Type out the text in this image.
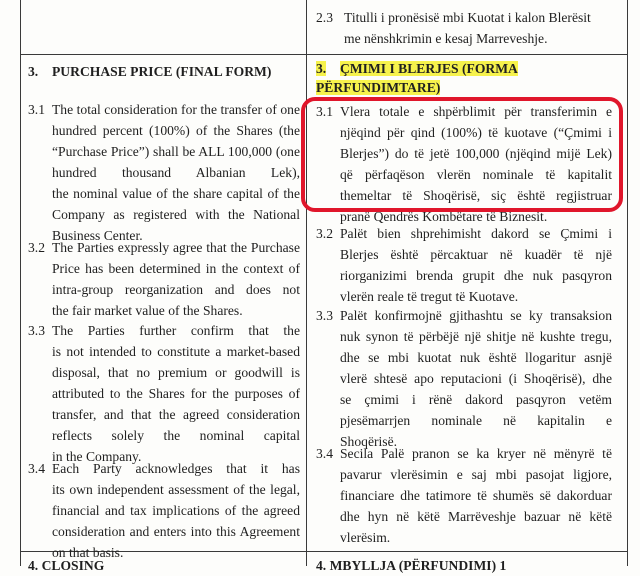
2.3 Titulli i pronësisë mbi Kuotat i kalon Blerësit
me nënshkrimin e kesaj Marreveshje.
3. PURCHASE PRICE (FINAL FORM)
3.1 The total consideration for the transfer of one
hundred percent (100%) of the Shares (the
“Purchase Price”) shall be ALL 100,000 (one
hundred thousand Albanian Lek),
the nominal value of the share capital of the
Company as registered with the National
Business Center.
3.2 The Parties expressly agree that the Purchase
Price has been determined in the context of
intra-group reorganization and does not
the fair market value of the Shares.
3.3 The Parties further confirm that the
is not intended to constitute a market-based
disposal, that no premium or goodwill is
attributed to the Shares for the purposes of
transfer, and that the agreed consideration
reflects solely the nominal capital
in the Company.
3.4 Each Party acknowledges that it has
its own independent assessment of the legal,
financial and tax implications of the agreed
consideration and enters into this Agreement
on that basis.
4. CLOSING
3. ÇMIMI I BLERJES (FORMA
PËRFUNDIMTARE)
3.1 Vlera totale e shpërblimit për transferimin e
njëqind për qind (100%) të kuotave (“Çmimi i
Blerjes”) do të jetë 100,000 (njëqind mijë Lek)
që përfaqëson vlerën nominale të kapitalit
themeltar të Shoqërisë, siç është regjistruar
pranë Qendrës Kombëtare të Biznesit.
3.2 Palët bien shprehimisht dakord se Çmimi i
Blerjes është përcaktuar në kuadër të një
riorganizimi brenda grupit dhe nuk pasqyron
vlerën reale të tregut të Kuotave.
3.3 Palët konfirmojnë gjithashtu se ky transaksion
nuk synon të përbëjë një shitje në kushte tregu,
dhe se mbi kuotat nuk është llogaritur asnjë
vlerë shtesë apo reputacioni (i Shoqërisë), dhe
se çmimi i rënë dakord pasqyron vetëm
pjesëmarrjen nominale në kapitalin e
Shoqërisë.
3.4 Secila Palë pranon se ka kryer në mënyrë të
pavarur vlerësimin e saj mbi pasojat ligjore,
financiare dhe tatimore të shumës së dakorduar
dhe hyn në këtë Marrëveshje bazuar në këtë
vlerësim.
4. MBYLLJA (PËRFUNDIMI) 1
